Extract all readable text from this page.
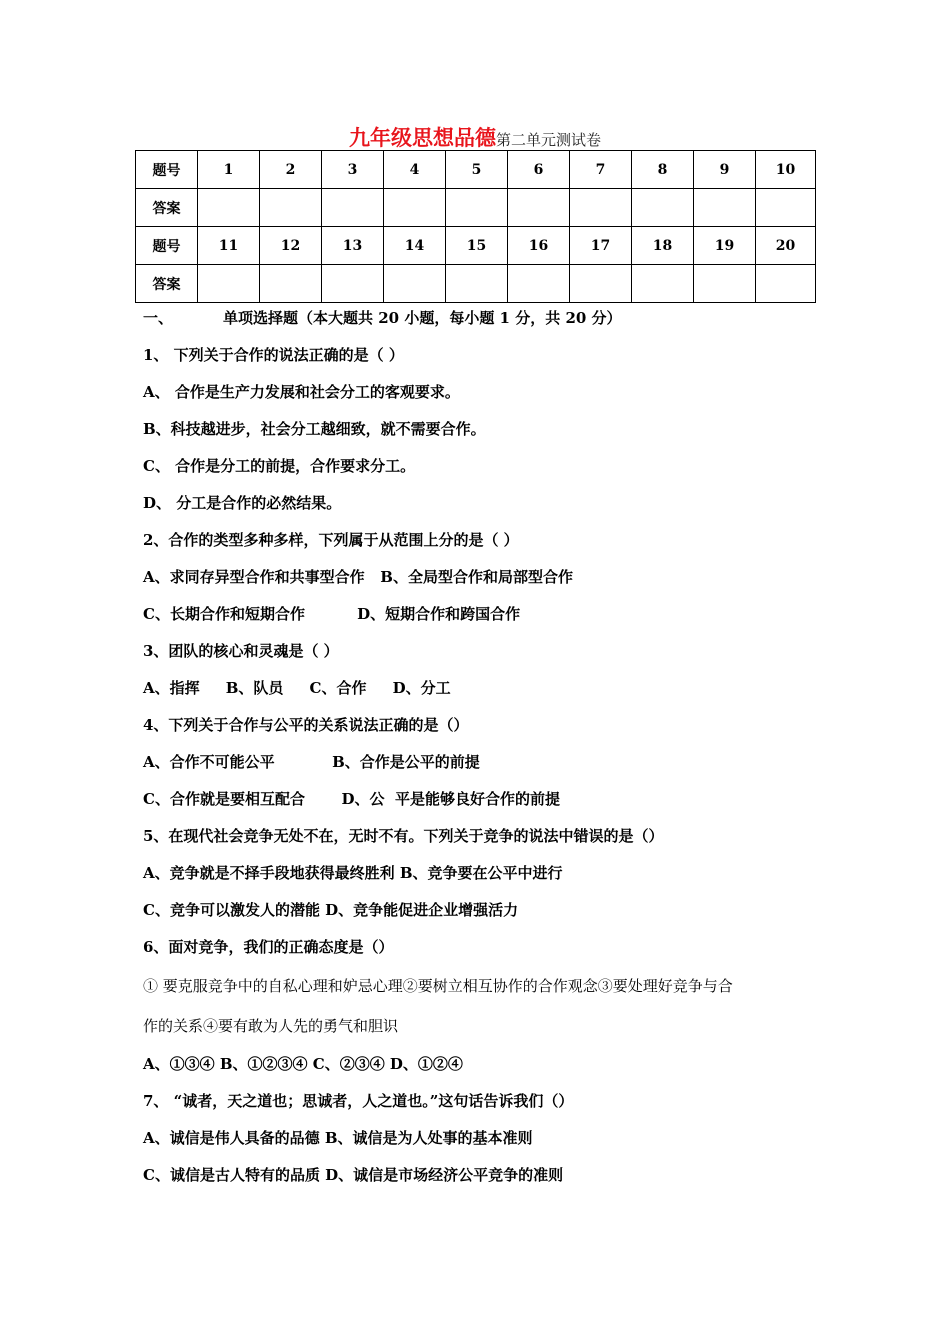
九年级思想品德第二单元测试卷
题号	1	2	3	4	5	6	7	8	9	10
答案										
题号	11	12	13	14	15	16	17	18	19	20
答案										
一、	单项选择题（本大题共 20 小题，每小题 1 分，共 20 分）
1、 下列关于合作的说法正确的是（ ）
A、 合作是生产力发展和社会分工的客观要求。
B、科技越进步，社会分工越细致，就不需要合作。
C、 合作是分工的前提，合作要求分工。
D、 分工是合作的必然结果。
2、合作的类型多种多样，下列属于从范围上分的是（ ）
A、求同存异型合作和共事型合作   B、全局型合作和局部型合作
C、长期合作和短期合作          D、短期合作和跨国合作
3、团队的核心和灵魂是（ ）
A、指挥     B、队员     C、合作     D、分工
4、下列关于合作与公平的关系说法正确的是（）
A、合作不可能公平           B、合作是公平的前提
C、合作就是要相互配合       D、公  平是能够良好合作的前提
5、在现代社会竞争无处不在，无时不有。下列关于竞争的说法中错误的是（）
A、竞争就是不择手段地获得最终胜利 B、竞争要在公平中进行
C、竞争可以激发人的潜能 D、竞争能促进企业增强活力
6、面对竞争，我们的正确态度是（）
① 要克服竞争中的自私心理和妒忌心理②要树立相互协作的合作观念③要处理好竞争与合
作的关系④要有敢为人先的勇气和胆识
A、①③④ B、①②③④ C、②③④ D、①②④
7、 “诚者，天之道也；思诚者，人之道也。”这句话告诉我们（）
A、诚信是伟人具备的品德 B、诚信是为人处事的基本准则
C、诚信是古人特有的品质 D、诚信是市场经济公平竞争的准则
